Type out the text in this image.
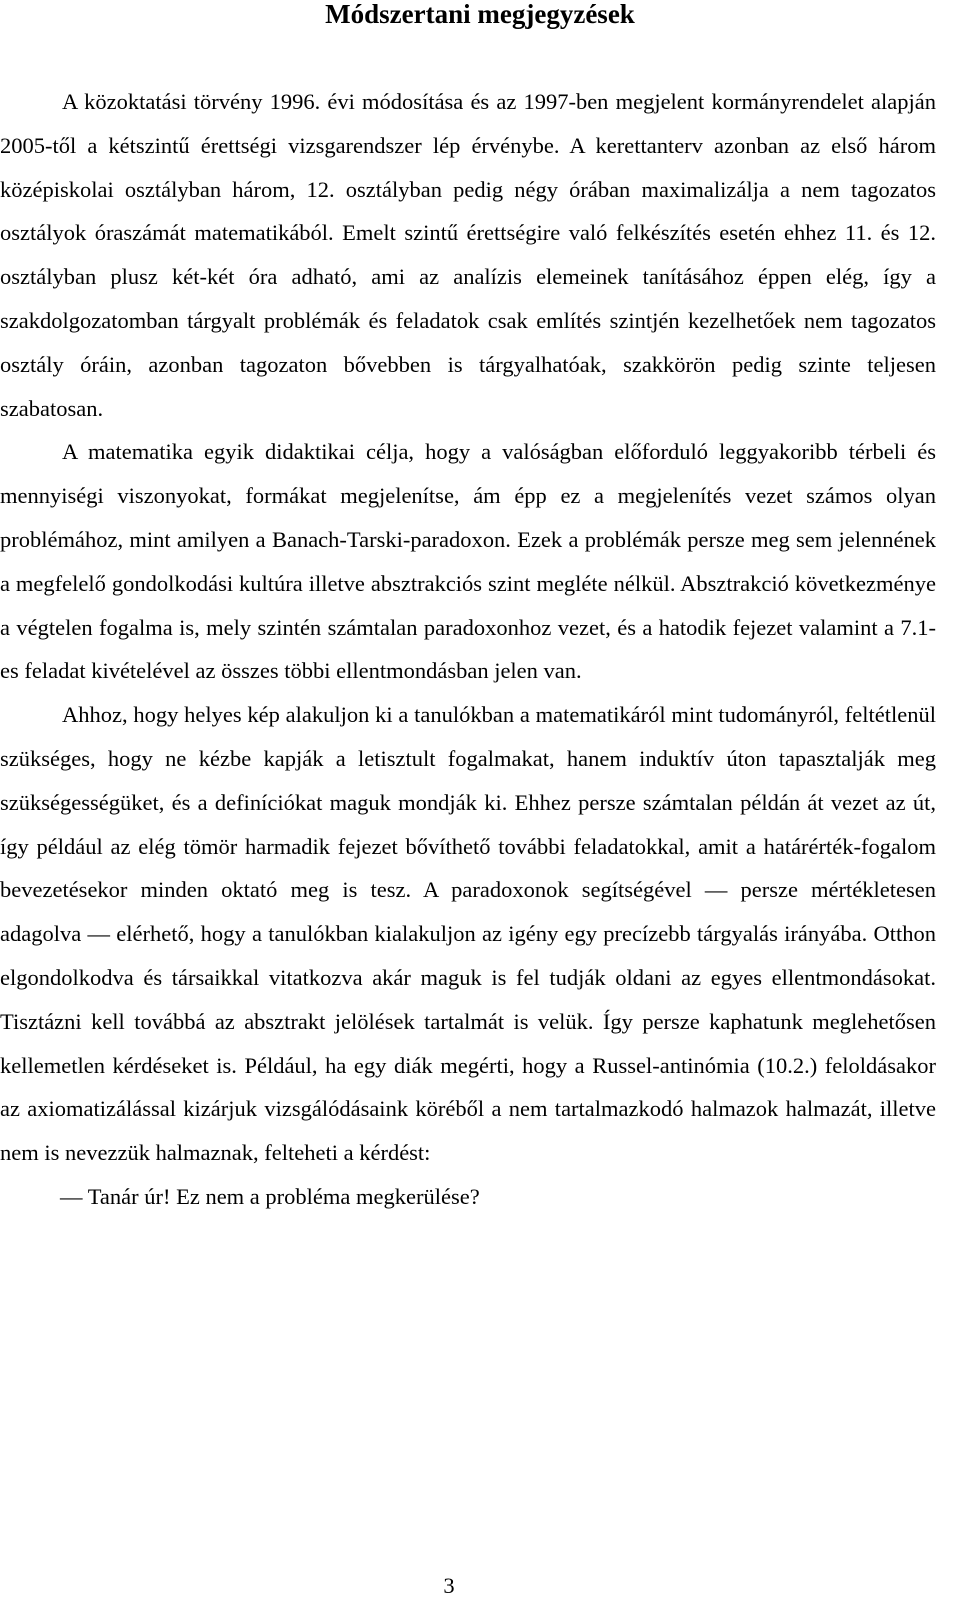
Módszertani megjegyzések

A közoktatási törvény 1996. évi módosítása és az 1997-ben megjelent kormányrendelet alapján 2005-től a kétszintű érettségi vizsgarendszer lép érvénybe. A kerettanterv azonban az első három középiskolai osztályban három, 12. osztályban pedig négy órában maximalizálja a nem tagozatos osztályok óraszámát matematikából. Emelt szintű érettségire való felkészítés esetén ehhez 11. és 12. osztályban plusz két-két óra adható, ami az analízis elemeinek tanításához éppen elég, így a szakdolgozatomban tárgyalt problémák és feladatok csak említés szintjén kezelhetőek nem tagozatos osztály óráin, azonban tagozaton bővebben is tárgyalhatóak, szakkörön pedig szinte teljesen szabatosan.

A matematika egyik didaktikai célja, hogy a valóságban előforduló leggyakoribb térbeli és mennyiségi viszonyokat, formákat megjelenítse, ám épp ez a megjelenítés vezet számos olyan problémához, mint amilyen a Banach-Tarski-paradoxon. Ezek a problémák persze meg sem jelennének a megfelelő gondolkodási kultúra illetve absztrakciós szint megléte nélkül. Absztrakció következménye a végtelen fogalma is, mely szintén számtalan paradoxonhoz vezet, és a hatodik fejezet valamint a 7.1-es feladat kivételével az összes többi ellentmondásban jelen van.

Ahhoz, hogy helyes kép alakuljon ki a tanulókban a matematikáról mint tudományról, feltétlenül szükséges, hogy ne kézbe kapják a letisztult fogalmakat, hanem induktív úton tapasztalják meg szükségességüket, és a definíciókat maguk mondják ki. Ehhez persze számtalan példán át vezet az út, így például az elég tömör harmadik fejezet bővíthető további feladatokkal, amit a határérték-fogalom bevezetésekor minden oktató meg is tesz. A paradoxonok segítségével — persze mértékletesen adagolva — elérhető, hogy a tanulókban kialakuljon az igény egy precízebb tárgyalás irányába. Otthon elgondolkodva és társaikkal vitatkozva akár maguk is fel tudják oldani az egyes ellentmondásokat. Tisztázni kell továbbá az absztrakt jelölések tartalmát is velük. Így persze kaphatunk meglehetősen kellemetlen kérdéseket is. Például, ha egy diák megérti, hogy a Russel-antinómia (10.2.) feloldásakor az axiomatizálással kizárjuk vizsgálódásaink köréből a nem tartalmazkodó halmazok halmazát, illetve nem is nevezzük halmaznak, felteheti a kérdést:

— Tanár úr! Ez nem a probléma megkerülése?

3
